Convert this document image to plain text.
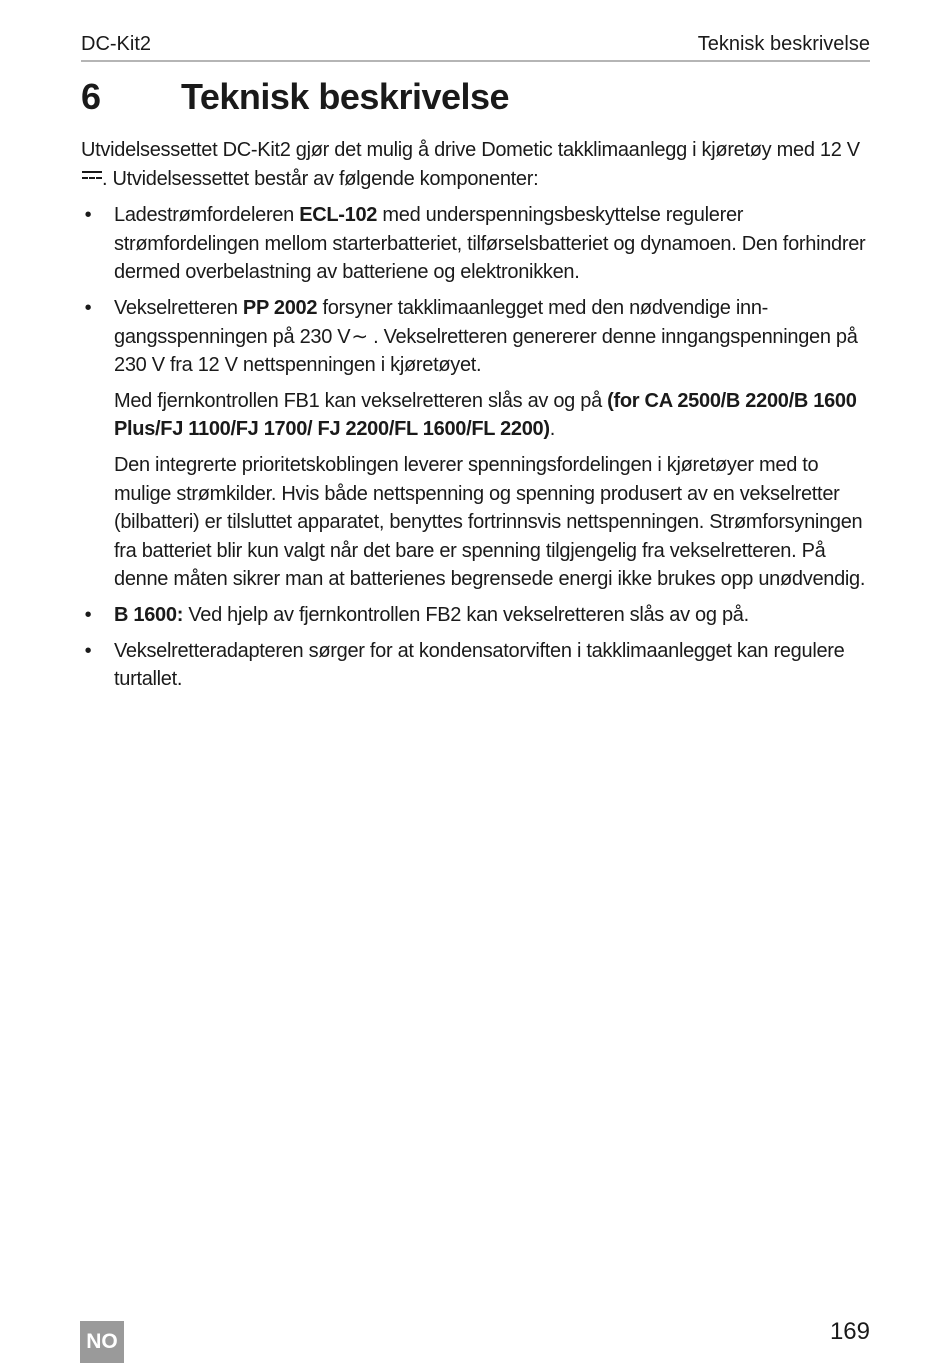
DC-Kit2	Teknisk beskrivelse
6 Teknisk beskrivelse

Utvidelsessettet DC-Kit2 gjør det mulig å drive Dometic takklimaanlegg i kjøretøy med 12 V. Utvidelsessettet består av følgende komponenter:

• Ladestrømfordeleren ECL-102 med underspenningsbeskyttelse regulerer strømfordelingen mellom starterbatteriet, tilførselsbatteriet og dynamoen. Den forhindrer dermed overbelastning av batteriene og elektronikken.

• Vekselretteren PP 2002 forsyner takklimaanlegget med den nødvendige inngangsspenningen på 230 V∼ . Vekselretteren genererer denne inngangspenningen på 230 V fra 12 V nettspenningen i kjøretøyet.

Med fjernkontrollen FB1 kan vekselretteren slås av og på (for CA 2500/B 2200/B 1600 Plus/FJ 1100/FJ 1700/ FJ 2200/FL 1600/FL 2200).

Den integrerte prioritetskoblingen leverer spenningsfordelingen i kjøretøyer med to mulige strømkilder. Hvis både nettspenning og spenning produsert av en vekselretter (bilbatteri) er tilsluttet apparatet, benyttes fortrinnsvis nettspenningen. Strømforsyningen fra batteriet blir kun valgt når det bare er spenning tilgjengelig fra vekselretteren. På denne måten sikrer man at batterienes begrensede energi ikke brukes opp unødvendig.

• B 1600: Ved hjelp av fjernkontrollen FB2 kan vekselretteren slås av og på.

• Vekselretteradapteren sørger for at kondensatorviften i takklimaanlegget kan regulere turtallet.

NO	169
